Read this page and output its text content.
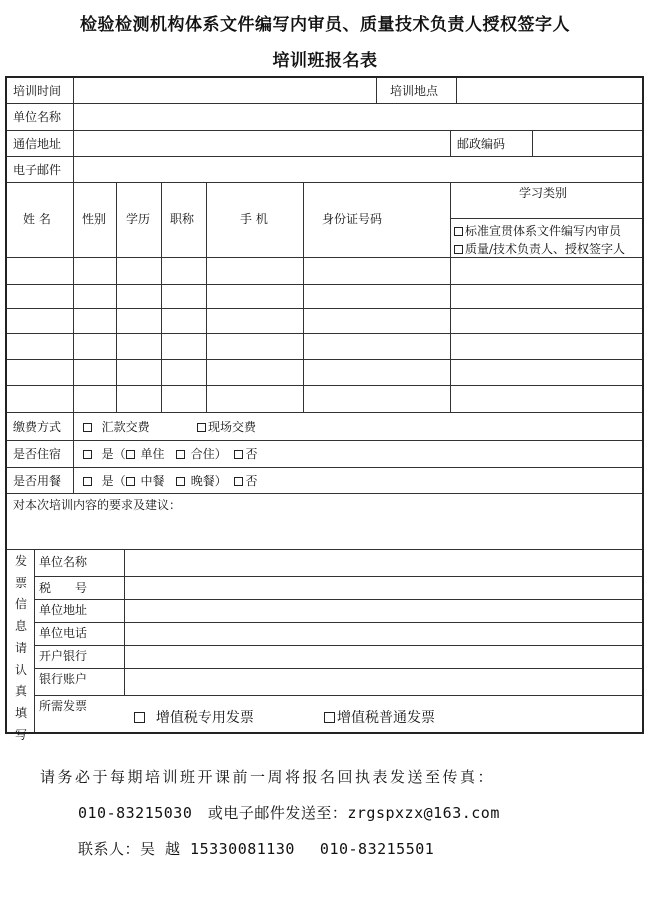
检验检测机构体系文件编写内审员、质量技术负责人授权签字人
培训班报名表
培训时间	培训地点
单位名称
通信地址	邮政编码
电子邮件
姓 名	性别 学历 职称	手 机	身份证号码
学习类别
标准宣贯体系文件编写内审员
质量/技术负责人、授权签字人
缴费方式	汇款交费	现场交费
是否住宿	是（ 单住 合住） 否
是否用餐	是（ 中餐 晚餐） 否
对本次培训内容的要求及建议：
发票信息请认真填写
单位名称
税　　号
单位地址
单位电话
开户银行
银行账户
所需发票
增值税专用发票	增值税普通发票
请务必于每期培训班开课前一周将报名回执表发送至传真：
010-83215030　或电子邮件发送至：zrgspxzx@163.com
联系人：吴 越 15330081130　 010-83215501
